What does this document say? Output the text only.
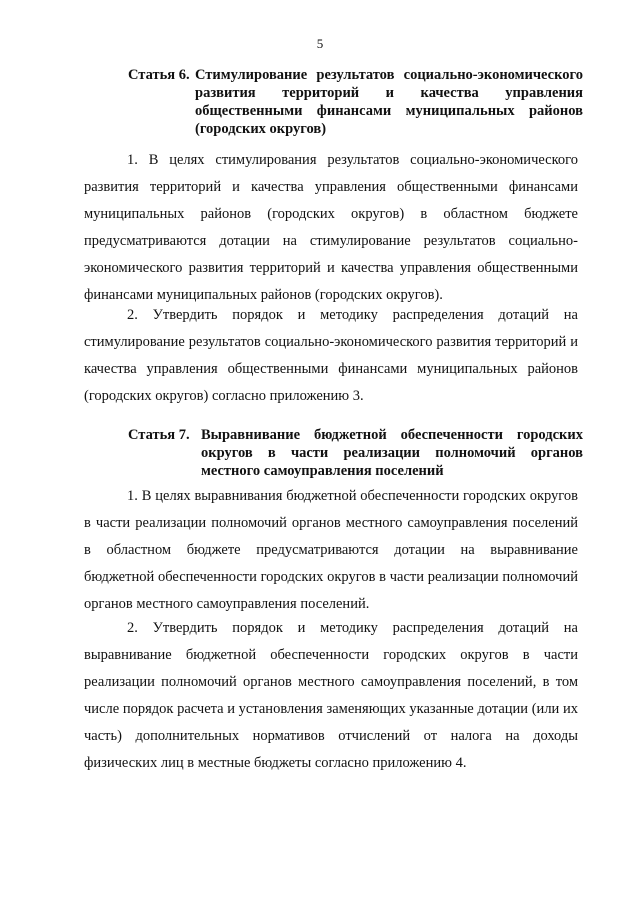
5
Статья 6. Стимулирование результатов социально-экономического развития территорий и качества управления общественными финансами муниципальных районов (городских округов)

1. В целях стимулирования результатов социально-экономического развития территорий и качества управления общественными финансами муниципальных районов (городских округов) в областном бюджете предусматриваются дотации на стимулирование результатов социально-экономического развития территорий и качества управления общественными финансами муниципальных районов (городских округов).

2. Утвердить порядок и методику распределения дотаций на стимулирование результатов социально-экономического развития территорий и качества управления общественными финансами муниципальных районов (городских округов) согласно приложению 3.

Статья 7. Выравнивание бюджетной обеспеченности городских округов в части реализации полномочий органов местного самоуправления поселений

1. В целях выравнивания бюджетной обеспеченности городских округов в части реализации полномочий органов местного самоуправления поселений в областном бюджете предусматриваются дотации на выравнивание бюджетной обеспеченности городских округов в части реализации полномочий органов местного самоуправления поселений.

2. Утвердить порядок и методику распределения дотаций на выравнивание бюджетной обеспеченности городских округов в части реализации полномочий органов местного самоуправления поселений, в том числе порядок расчета и установления заменяющих указанные дотации (или их часть) дополнительных нормативов отчислений от налога на доходы физических лиц в местные бюджеты согласно приложению 4.
